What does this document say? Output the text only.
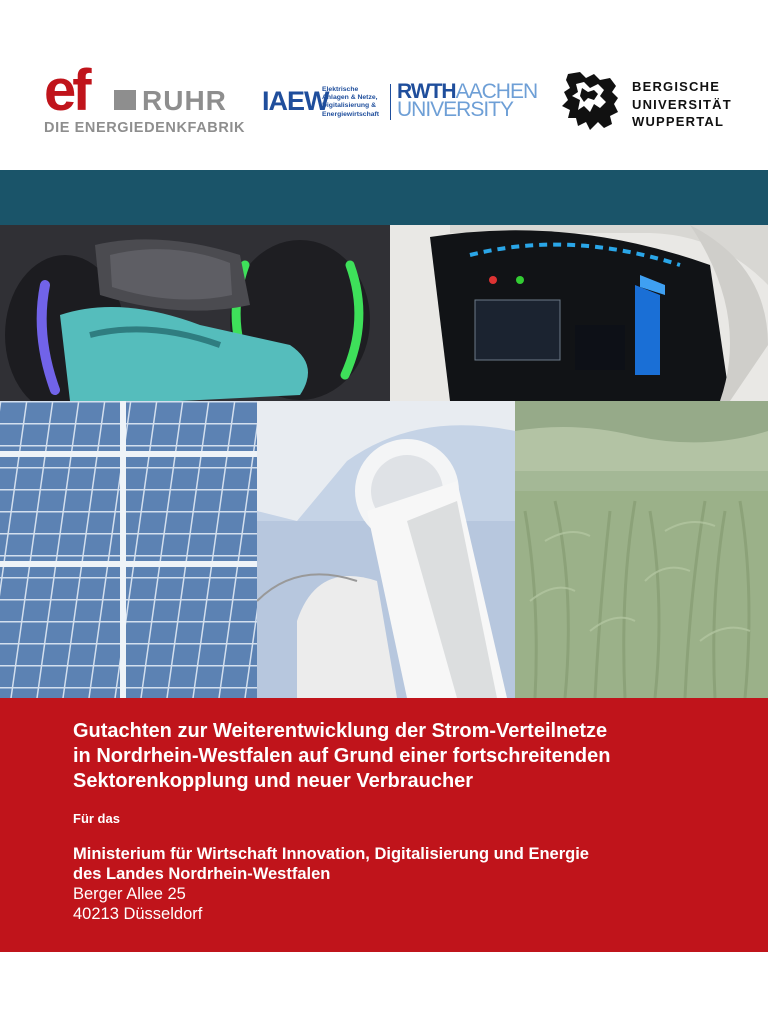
ef RUHR
DIE ENERGIEDENKFABRIK
IAEW
Elektrische
Anlagen & Netze,
Digitalisierung &
Energiewirtschaft
RWTHAACHEN
UNIVERSITY
BERGISCHE
UNIVERSITÄT
WUPPERTAL
Gutachten zur Weiterentwicklung der Strom-Verteilnetze
in Nordrhein-Westfalen auf Grund einer fortschreitenden
Sektorenkopplung und neuer Verbraucher

Für das

Ministerium für Wirtschaft Innovation, Digitalisierung und Energie
des Landes Nordrhein-Westfalen

Berger Allee 25
40213 Düsseldorf
